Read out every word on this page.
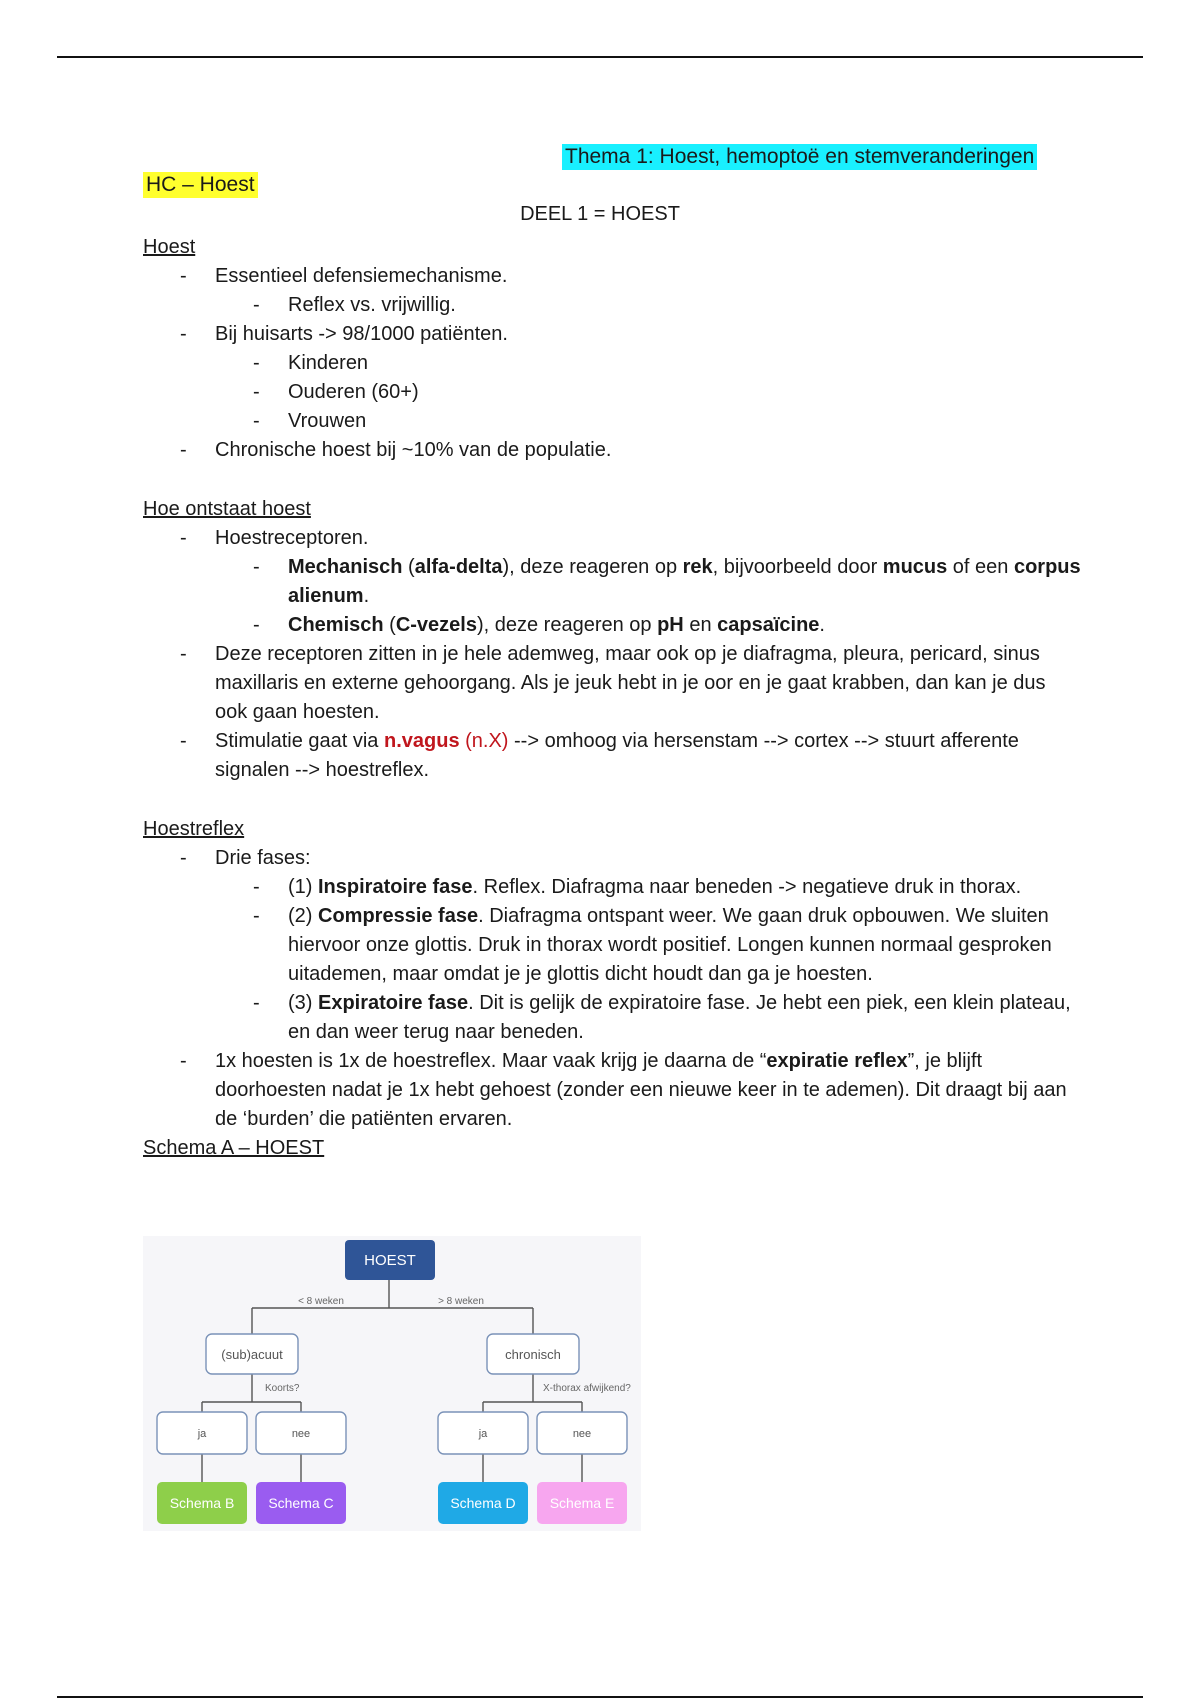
Thema 1: Hoest, hemoptoë en stemveranderingen
HC – Hoest
DEEL 1 = HOEST
Hoest
- Essentieel defensiemechanisme.
- Reflex vs. vrijwillig.
- Bij huisarts -> 98/1000 patiënten.
- Kinderen
- Ouderen (60+)
- Vrouwen
- Chronische hoest bij ~10% van de populatie.
Hoe ontstaat hoest
- Hoestreceptoren.
- Mechanisch (alfa-delta), deze reageren op rek, bijvoorbeeld door mucus of een corpus alienum.
- Chemisch (C-vezels), deze reageren op pH en capsaïcine.
- Deze receptoren zitten in je hele ademweg, maar ook op je diafragma, pleura, pericard, sinus maxillaris en externe gehoorgang. Als je jeuk hebt in je oor en je gaat krabben, dan kan je dus ook gaan hoesten.
- Stimulatie gaat via n.vagus (n.X) --> omhoog via hersenstam --> cortex --> stuurt afferente signalen --> hoestreflex.
Hoestreflex
- Drie fases:
- (1) Inspiratoire fase. Reflex. Diafragma naar beneden -> negatieve druk in thorax.
- (2) Compressie fase. Diafragma ontspant weer. We gaan druk opbouwen. We sluiten hiervoor onze glottis. Druk in thorax wordt positief. Longen kunnen normaal gesproken uitademen, maar omdat je je glottis dicht houdt dan ga je hoesten.
- (3) Expiratoire fase. Dit is gelijk de expiratoire fase. Je hebt een piek, een klein plateau, en dan weer terug naar beneden.
- 1x hoesten is 1x de hoestreflex. Maar vaak krijg je daarna de “expiratie reflex”, je blijft doorhoesten nadat je 1x hebt gehoest (zonder een nieuwe keer in te ademen). Dit draagt bij aan de ‘burden’ die patiënten ervaren.
Schema A – HOEST
HOEST
< 8 weken	> 8 weken
(sub)acuut	chronisch
Koorts?	X-thorax afwijkend?
ja	nee	ja	nee
Schema B Schema C	Schema D Schema E
